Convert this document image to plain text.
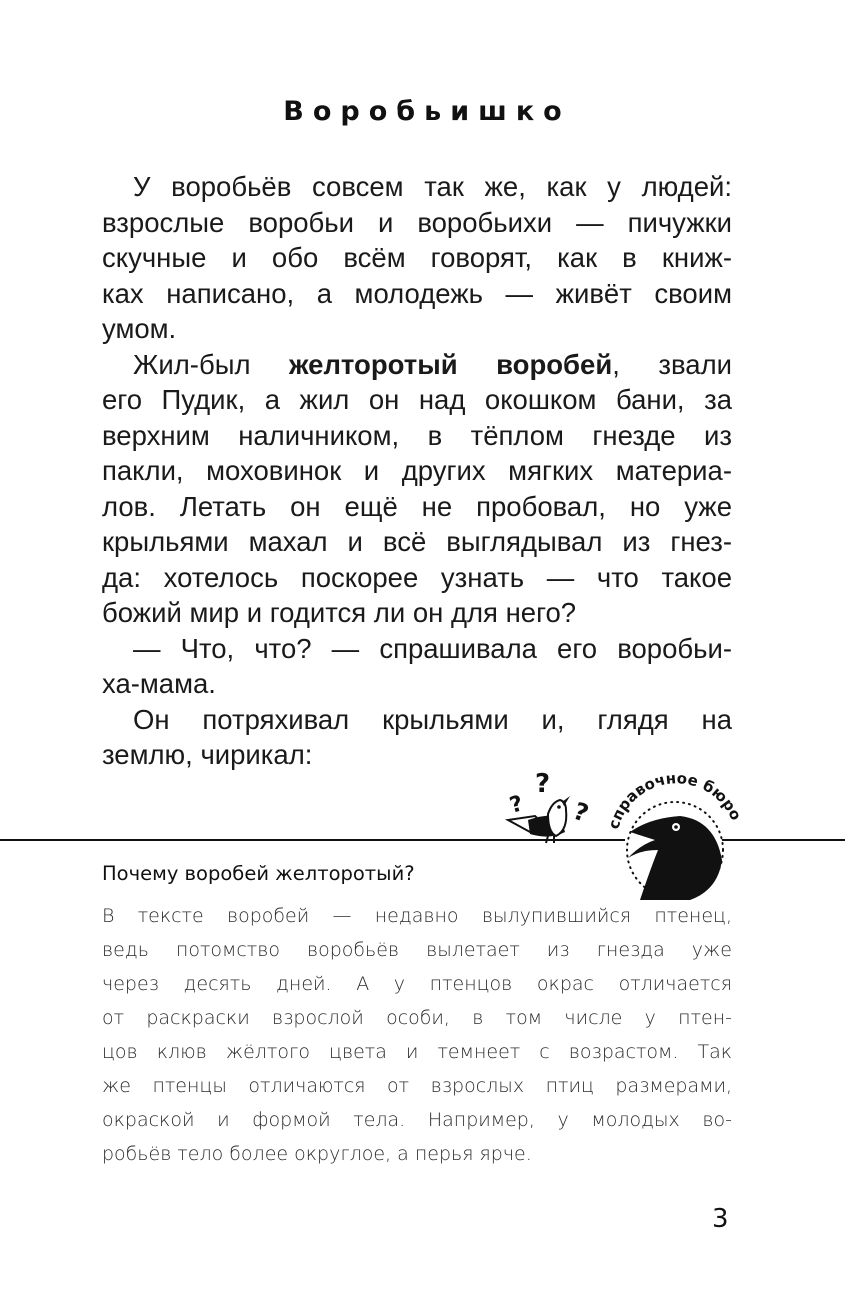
Воробьишко
У воробьёв совсем так же, как у людей:
взрослые воробьи и воробьихи — пичужки
скучные и обо всём говорят, как в книж-
ках написано, а молодежь — живёт своим
умом.
Жил-был желторотый воробей, звали
его Пудик, а жил он над окошком бани, за
верхним наличником, в тёплом гнезде из
пакли, моховинок и других мягких материа-
лов. Летать он ещё не пробовал, но уже
крыльями махал и всё выглядывал из гнез-
да: хотелось поскорее узнать — что такое
божий мир и годится ли он для него?
— Что, что? — спрашивала его воробьи-
ха-мама.
Он потряхивал крыльями и, глядя на
землю, чирикал:
?
?
? справочное бюро
Почему воробей желторотый?
В тексте воробей — недавно вылупившийся птенец,
ведь потомство воробьёв вылетает из гнезда уже
через десять дней. А у птенцов окрас отличается
от раскраски взрослой особи, в том числе у птен-
цов клюв жёлтого цвета и темнеет с возрастом. Так
же птенцы отличаются от взрослых птиц размерами,
окраской и формой тела. Например, у молодых во-
робьёв тело более округлое, а перья ярче.
3
